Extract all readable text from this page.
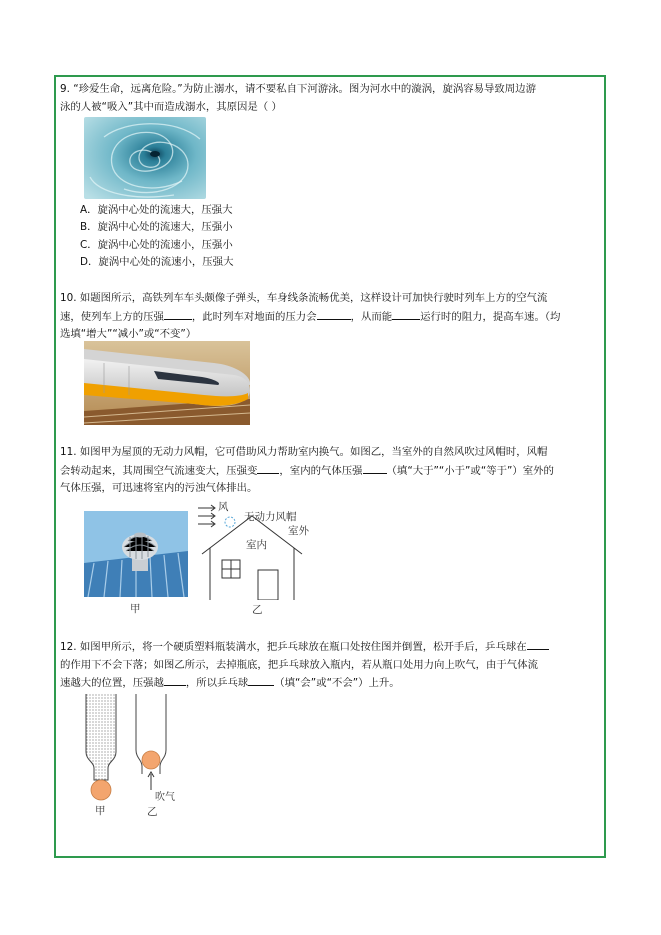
9. “珍爱生命，远离危险。”为防止溺水，请不要私自下河游泳。图为河水中的漩涡，旋涡容易导致周边游

泳的人被“吸入”其中而造成溺水，其原因是（ ）

A．旋涡中心处的流速大，压强大
B．旋涡中心处的流速大，压强小
C．旋涡中心处的流速小，压强小
D．旋涡中心处的流速小，压强大

10. 如题图所示，高铁列车车头颇像子弹头，车身线条流畅优美，这样设计可加快行驶时列车上方的空气流

速，使列车上方的压强	，此时列车对地面的压力会	，从而能	运行时的阻力，提高车速。（均

选填“增大”“减小”或“不变”）

11. 如图甲为屋顶的无动力风帽，它可借助风力帮助室内换气。如图乙，当室外的自然风吹过风帽时，风帽

会转动起来，其周围空气流速变大，压强变 ，室内的气体压强 （填“大于”“小于”或“等于”）室外的

气体压强，可迅速将室内的污浊气体排出。

甲
风
无动力风帽
室外
室内
乙

12. 如图甲所示，将一个硬质塑料瓶装满水，把乒乓球放在瓶口处按住图并倒置，松开手后，乒乓球在

的作用下不会下落；如图乙所示，去掉瓶底，把乒乓球放入瓶内，若从瓶口处用力向上吹气，由于气体流

速越大的位置，压强越 ，所以乒乓球	（填“会”或“不会”）上升。

甲
吹气
乙
